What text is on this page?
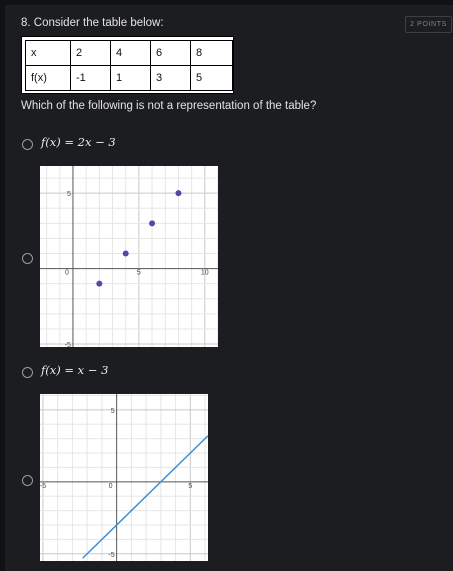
8. Consider the table below:	2 POINTS
x	2	4	6	8
f(x)	-1	1	3	5
Which of the following is not a representation of the table?
f(x) = 2x − 3
0	5	10
5
-5
f(x) = x − 3
-5	0	5
5
-5
